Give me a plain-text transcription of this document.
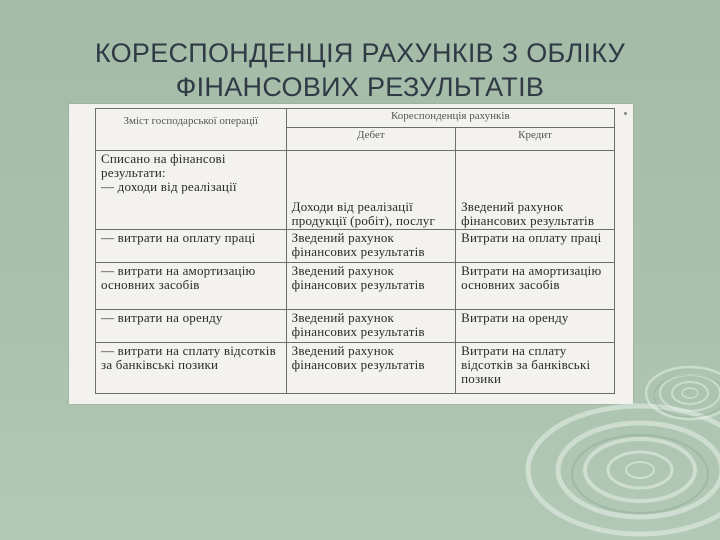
КОРЕСПОНДЕНЦІЯ РАХУНКІВ З ОБЛІКУ
ФІНАНСОВИХ РЕЗУЛЬТАТІВ
Зміст господарської операції	Кореспонденція рахунків	
	Дебет	Кредит

Списано на фінансові результати:
— доходи від реалізації	Доходи від реалізації продукції (робіт), послуг	Зведений рахунок фінансових результатів
— витрати на оплату праці	Зведений рахунок фінансових результатів	Витрати на оплату праці
— витрати на амортизацію основних засобів	Зведений рахунок фінансових результатів	Витрати на амортизацію основних засобів
— витрати на оренду	Зведений рахунок фінансових результатів	Витрати на оренду
— витрати на сплату відсотків за банківські позики	Зведений рахунок фінансових результатів	Витрати на сплату відсотків за банківські позики
